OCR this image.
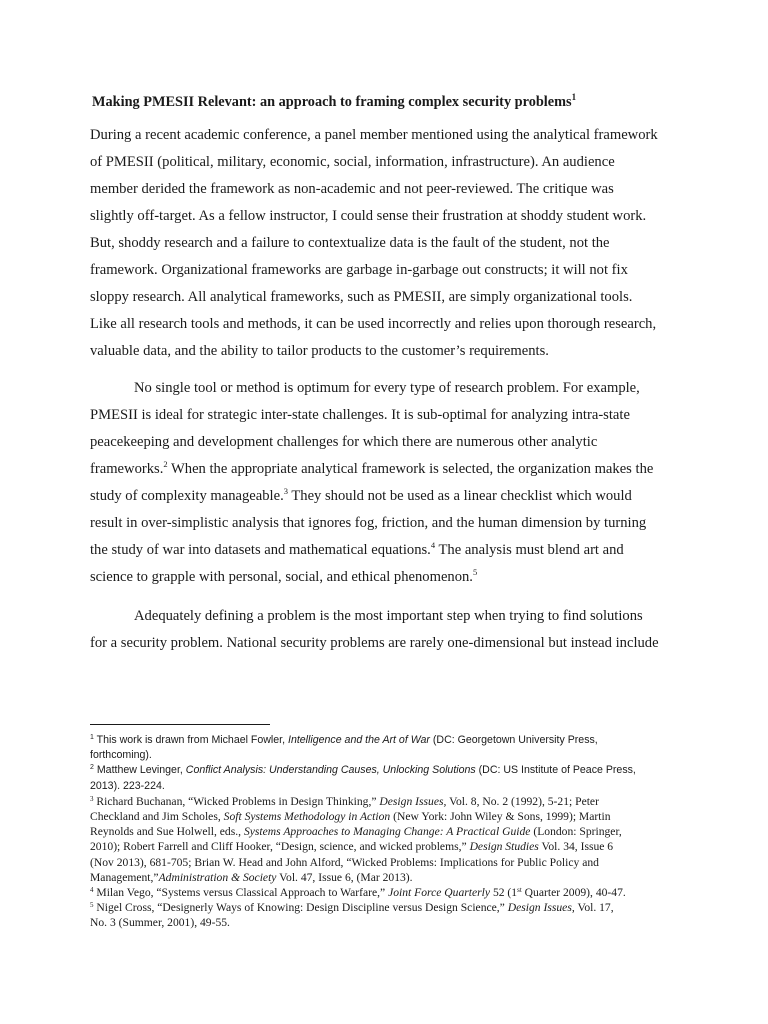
Making PMESII Relevant: an approach to framing complex security problems$^1$
During a recent academic conference, a panel member mentioned using the analytical framework
of PMESII (political, military, economic, social, information, infrastructure). An audience
member derided the framework as non-academic and not peer-reviewed. The critique was
slightly off-target. As a fellow instructor, I could sense their frustration at shoddy student work.
But, shoddy research and a failure to contextualize data is the fault of the student, not the
framework. Organizational frameworks are garbage in-garbage out constructs; it will not fix
sloppy research. All analytical frameworks, such as PMESII, are simply organizational tools.
Like all research tools and methods, it can be used incorrectly and relies upon thorough research,
valuable data, and the ability to tailor products to the customer’s requirements.
No single tool or method is optimum for every type of research problem. For example,
PMESII is ideal for strategic inter-state challenges. It is sub-optimal for analyzing intra-state
peacekeeping and development challenges for which there are numerous other analytic
frameworks.$^2$ When the appropriate analytical framework is selected, the organization makes the
study of complexity manageable.$^3$ They should not be used as a linear checklist which would
result in over-simplistic analysis that ignores fog, friction, and the human dimension by turning
the study of war into datasets and mathematical equations.$^4$ The analysis must blend art and
science to grapple with personal, social, and ethical phenomenon.$^5$
Adequately defining a problem is the most important step when trying to find solutions
for a security problem. National security problems are rarely one-dimensional but instead include
$^1$ This work is drawn from Michael Fowler, Intelligence and the Art of War (DC: Georgetown University Press,
forthcoming).
$^2$ Matthew Levinger, Conflict Analysis: Understanding Causes, Unlocking Solutions (DC: US Institute of Peace Press,
2013). 223-224.
$^3$ Richard Buchanan, “Wicked Problems in Design Thinking,” Design Issues, Vol. 8, No. 2 (1992), 5-21; Peter
Checkland and Jim Scholes, Soft Systems Methodology in Action (New York: John Wiley & Sons, 1999); Martin
Reynolds and Sue Holwell, eds., Systems Approaches to Managing Change: A Practical Guide (London: Springer,
2010); Robert Farrell and Cliff Hooker, “Design, science, and wicked problems,” Design Studies Vol. 34, Issue 6
(Nov 2013), 681-705; Brian W. Head and John Alford, “Wicked Problems: Implications for Public Policy and
Management,”Administration & Society Vol. 47, Issue 6, (Mar 2013).
$^4$ Milan Vego, “Systems versus Classical Approach to Warfare,” Joint Force Quarterly 52 (1st Quarter 2009), 40-47.
$^5$ Nigel Cross, “Designerly Ways of Knowing: Design Discipline versus Design Science,” Design Issues, Vol. 17,
No. 3 (Summer, 2001), 49-55.
